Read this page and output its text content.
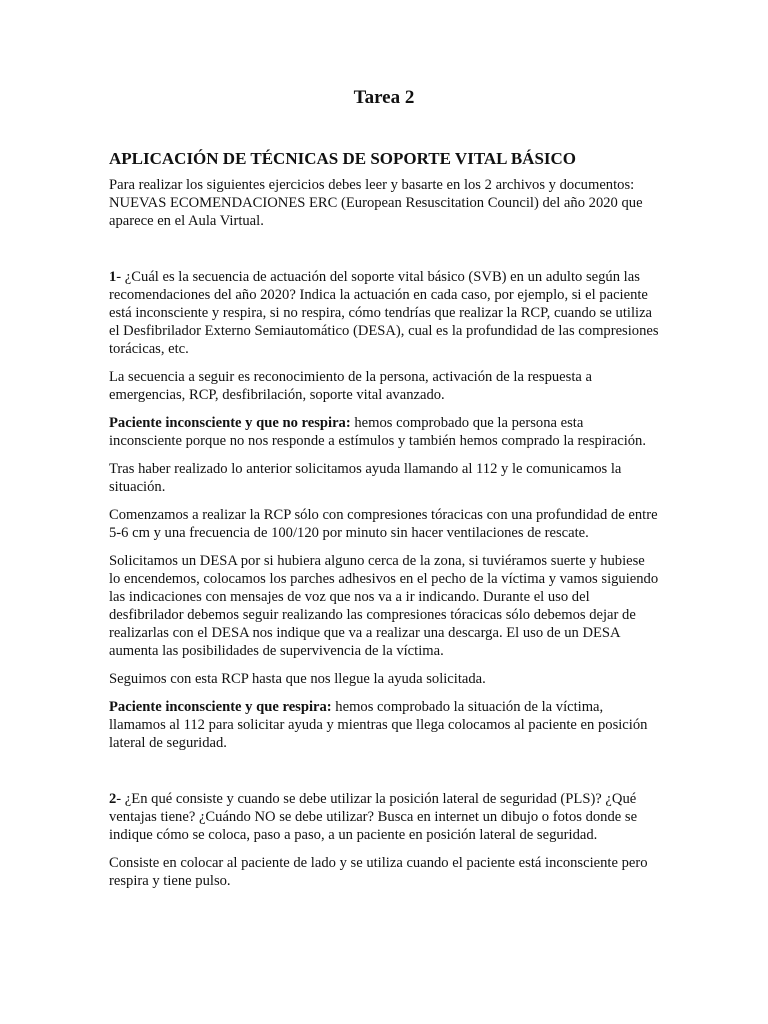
Tarea 2
APLICACIÓN DE TÉCNICAS DE SOPORTE VITAL BÁSICO

Para realizar los siguientes ejercicios debes leer y basarte en los 2 archivos y documentos: NUEVAS ECOMENDACIONES ERC (European Resuscitation Council) del año 2020 que aparece en el Aula Virtual.

1- ¿Cuál es la secuencia de actuación del soporte vital básico (SVB) en un adulto según las recomendaciones del año 2020? Indica la actuación en cada caso, por ejemplo, si el paciente está inconsciente y respira, si no respira, cómo tendrías que realizar la RCP, cuando se utiliza el Desfibrilador Externo Semiautomático (DESA), cual es la profundidad de las compresiones torácicas, etc.

La secuencia a seguir es reconocimiento de la persona, activación de la respuesta a emergencias, RCP, desfibrilación, soporte vital avanzado.

Paciente inconsciente y que no respira: hemos comprobado que la persona esta inconsciente porque no nos responde a estímulos y también hemos comprado la respiración.

Tras haber realizado lo anterior solicitamos ayuda llamando al 112 y le comunicamos la situación.

Comenzamos a realizar la RCP sólo con compresiones tóracicas con una profundidad de entre 5-6 cm y una frecuencia de 100/120 por minuto sin hacer ventilaciones de rescate.

Solicitamos un DESA por si hubiera alguno cerca de la zona, si tuviéramos suerte y hubiese lo encendemos, colocamos los parches adhesivos en el pecho de la víctima y vamos siguiendo las indicaciones con mensajes de voz que nos va a ir indicando. Durante el uso del desfibrilador debemos seguir realizando las compresiones tóracicas sólo debemos dejar de realizarlas con el DESA nos indique que va a realizar una descarga. El uso de un DESA aumenta las posibilidades de supervivencia de la víctima.

Seguimos con esta RCP hasta que nos llegue la ayuda solicitada.

Paciente inconsciente y que respira: hemos comprobado la situación de la víctima, llamamos al 112 para solicitar ayuda y mientras que llega colocamos al paciente en posición lateral de seguridad.

2- ¿En qué consiste y cuando se debe utilizar la posición lateral de seguridad (PLS)? ¿Qué ventajas tiene? ¿Cuándo NO se debe utilizar? Busca en internet un dibujo o fotos donde se indique cómo se coloca, paso a paso, a un paciente en posición lateral de seguridad.

Consiste en colocar al paciente de lado y se utiliza cuando el paciente está inconsciente pero respira y tiene pulso.
